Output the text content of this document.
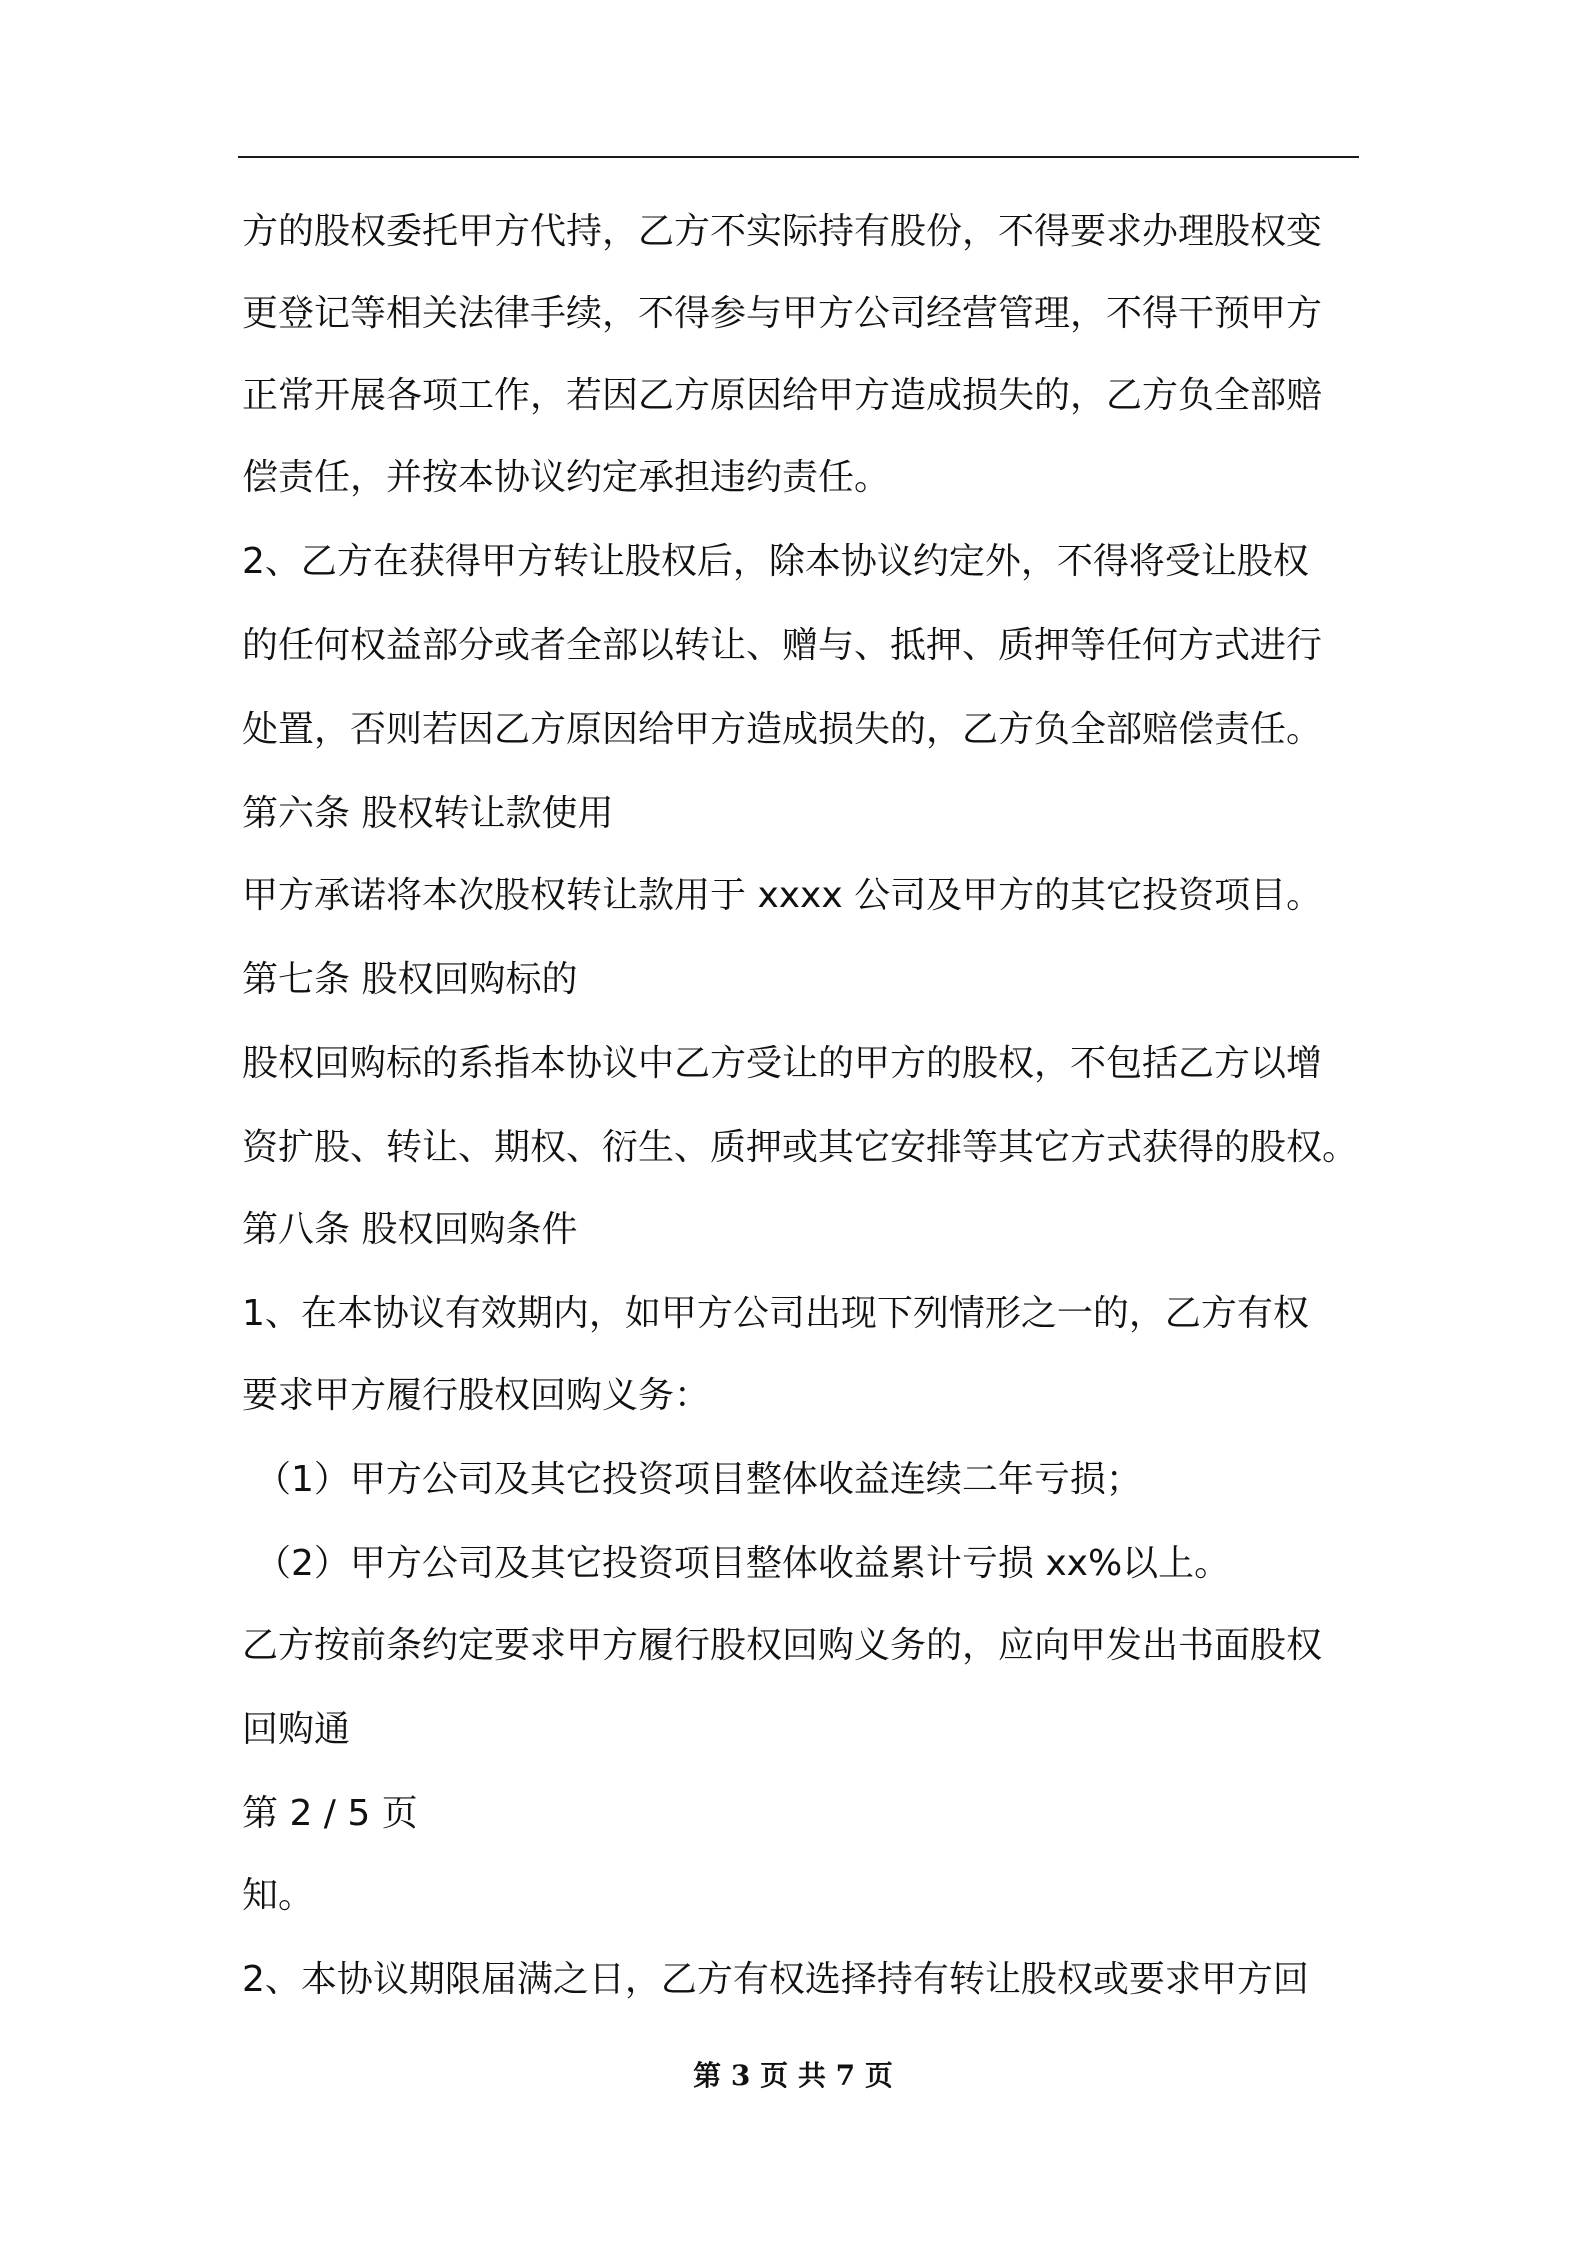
方的股权委托甲方代持，乙方不实际持有股份，不得要求办理股权变
更登记等相关法律手续，不得参与甲方公司经营管理，不得干预甲方
正常开展各项工作，若因乙方原因给甲方造成损失的，乙方负全部赔
偿责任，并按本协议约定承担违约责任。
2、乙方在获得甲方转让股权后，除本协议约定外，不得将受让股权
的任何权益部分或者全部以转让、赠与、抵押、质押等任何方式进行
处置，否则若因乙方原因给甲方造成损失的，乙方负全部赔偿责任。
第六条 股权转让款使用
甲方承诺将本次股权转让款用于 xxxx 公司及甲方的其它投资项目。
第七条 股权回购标的
股权回购标的系指本协议中乙方受让的甲方的股权，不包括乙方以增
资扩股、转让、期权、衍生、质押或其它安排等其它方式获得的股权。
第八条 股权回购条件
1、在本协议有效期内，如甲方公司出现下列情形之一的，乙方有权
要求甲方履行股权回购义务：
（1）甲方公司及其它投资项目整体收益连续二年亏损；
（2）甲方公司及其它投资项目整体收益累计亏损 xx%以上。
乙方按前条约定要求甲方履行股权回购义务的，应向甲发出书面股权
回购通
第 2 / 5 页
知。
2、本协议期限届满之日，乙方有权选择持有转让股权或要求甲方回
第 3 页 共 7 页
